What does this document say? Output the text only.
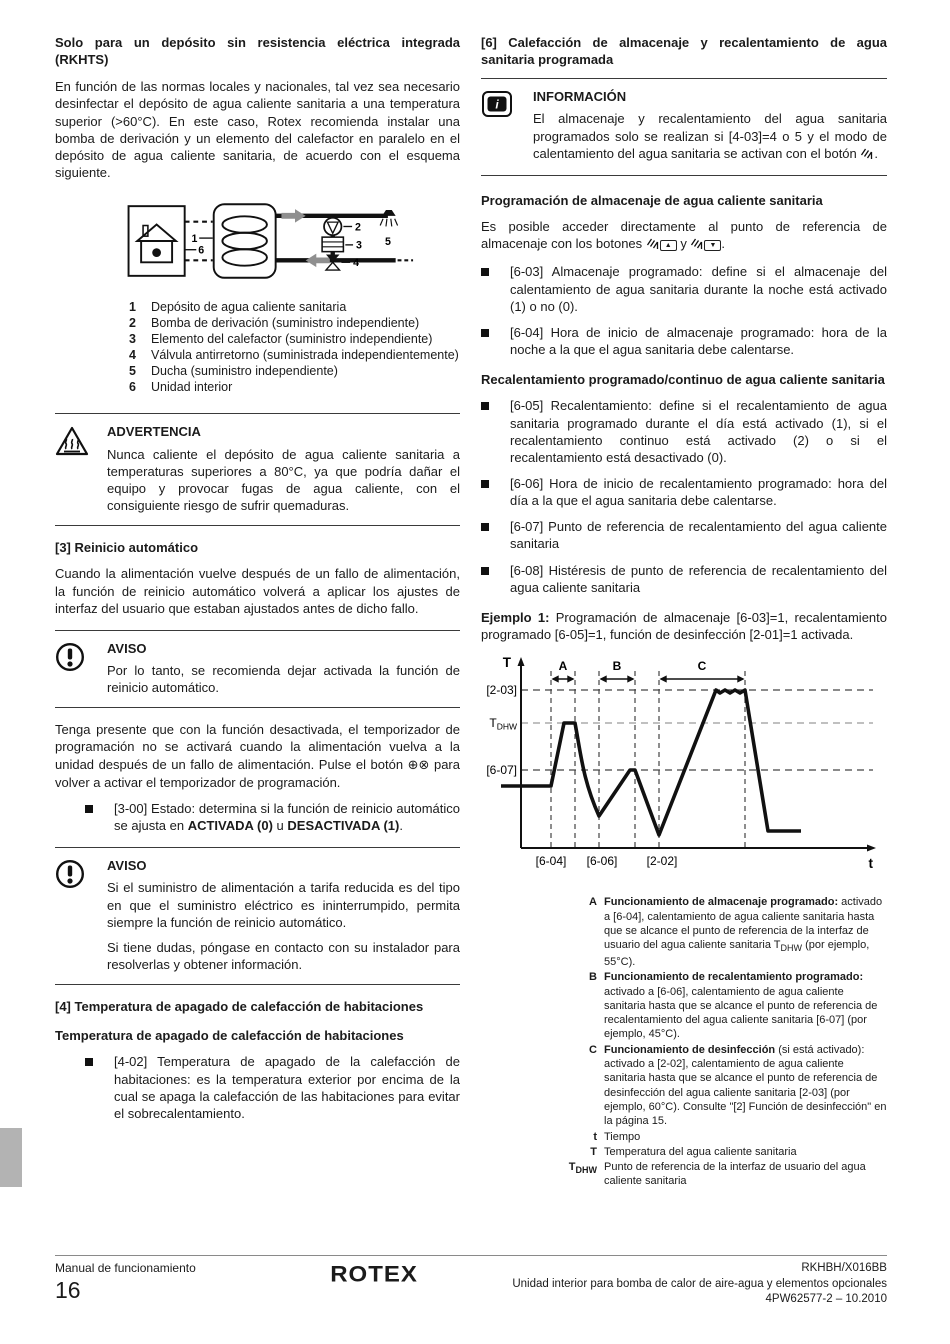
Solo para un depósito sin resistencia eléctrica integrada (RKHTS)

En función de las normas locales y nacionales, tal vez sea necesario desinfectar el depósito de agua caliente sanitaria a una temperatura superior (>60°C). En este caso, Rotex recomienda instalar una bomba de derivación y un elemento del calefactor en paralelo en el depósito de agua caliente sanitaria, de acuerdo con el esquema siguiente.

1
6
2
3
4
5
1	Depósito de agua caliente sanitaria
2	Bomba de derivación (suministro independiente)
3	Elemento del calefactor (suministro independiente)
4	Válvula antirretorno (suministrada independientemente)
5	Ducha (suministro independiente)
6	Unidad interior
ADVERTENCIA

Nunca caliente el depósito de agua caliente sanitaria a temperaturas superiores a 80°C, ya que podría dañar el equipo y provocar fugas de agua caliente, con el consiguiente riesgo de sufrir quemaduras.

[3] Reinicio automático

Cuando la alimentación vuelve después de un fallo de alimentación, la función de reinicio automático volverá a aplicar los ajustes de interfaz del usuario que estaban ajustados antes de dicho fallo.

AVISO

Por lo tanto, se recomienda dejar activada la función de reinicio automático.

Tenga presente que con la función desactivada, el temporizador de programación no se activará cuando la alimentación vuelva a la unidad después de un fallo de alimentación. Pulse el botón ⊕⊗ para volver a activar el temporizador de programación.

[3-00] Estado: determina si la función de reinicio automático se ajusta en ACTIVADA (0) u DESACTIVADA (1).
AVISO

Si el suministro de alimentación a tarifa reducida es del tipo en que el suministro eléctrico es ininterrumpido, permita siempre la función de reinicio automático.

Si tiene dudas, póngase en contacto con su instalador para resolverlas y obtener información.

[4] Temperatura de apagado de calefacción de habitaciones
Temperatura de apagado de calefacción de habitaciones
[4-02] Temperatura de apagado de la calefacción de habitaciones: es la temperatura exterior por encima de la cual se apaga la calefacción de las habitaciones para evitar el sobrecalentamiento.
[6] Calefacción de almacenaje y recalentamiento de agua sanitaria programada
i
INFORMACIÓN

El almacenaje y recalentamiento del agua sanitaria programados solo se realizan si [4-03]=4 o 5 y el modo de calentamiento del agua sanitaria se activan con el botón .

Programación de almacenaje de agua caliente sanitaria

Es posible acceder directamente al punto de referencia de almacenaje con los botones	▲ y	▼ .

[6-03] Almacenaje programado: define si el almacenaje del calentamiento de agua sanitaria durante la noche está activado (1) o no (0).
[6-04] Hora de inicio de almacenaje programado: hora de la noche a la que el agua sanitaria debe calentarse.
Recalentamiento programado/continuo de agua caliente sanitaria
[6-05] Recalentamiento: define si el recalentamiento de agua sanitaria programado durante el día está activado (1), si el recalentamiento continuo está activado (2) o si el recalentamiento está desactivado (0).
[6-06] Hora de inicio de recalentamiento programado: hora del día a la que el agua sanitaria debe calentarse.
[6-07] Punto de referencia de recalentamiento del agua caliente sanitaria
[6-08] Histéresis de punto de referencia de recalentamiento del agua caliente sanitaria

Ejemplo 1: Programación de almacenaje [6-03]=1, recalentamiento programado [6-05]=1, función de desinfección [2-01]=1 activada.

A	B	C
T
t
[2-03]
$T_{DHW}$
[6-07]
[6-04] [6-06] [2-02]
A Funcionamiento de almacenaje programado: activado a [6-04], calentamiento de agua caliente sanitaria hasta que se alcance el punto de referencia de la interfaz de usuario del agua caliente sanitaria $T_{DHW}$ (por ejemplo, 55°C).
B Funcionamiento de recalentamiento programado: activado a [6-06], calentamiento de agua caliente sanitaria hasta que se alcance el punto de referencia de recalentamiento del agua caliente sanitaria [6-07] (por ejemplo, 45°C).
C Funcionamiento de desinfección (si está activado): activado a [2-02], calentamiento de agua caliente sanitaria hasta que se alcance el punto de referencia de desinfección del agua caliente sanitaria [2-03] (por ejemplo, 60°C). Consulte "[2] Función de desinfección" en la página 15.
t Tiempo
T Temperatura del agua caliente sanitaria
$T_{DHW}$ Punto de referencia de la interfaz de usuario del agua caliente sanitaria
Manual de funcionamiento
16
ROTEX	RKHBH/X016BB
Unidad interior para bomba de calor de aire-agua y elementos opcionales
4PW62577-2 – 10.2010
